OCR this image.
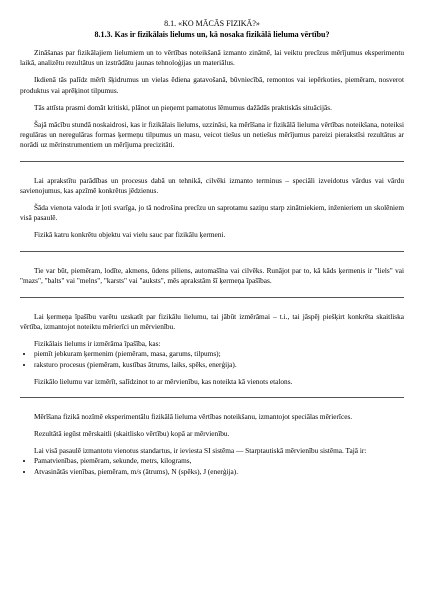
8.1. «KO MĀCĀS FIZIKĀ?»
8.1.3. Kas ir fizikālais lielums un, kā nosaka fizikālā lieluma vērtību?

Zināšanas par fizikālajiem lielumiem un to vērtības noteikšanā izmanto zinātnē, lai veiktu precīzus mērījumus eksperimentu laikā, analizētu rezultātus un izstrādātu jaunas tehnoloģijas un materiālus.

Ikdienā tās palīdz mērīt šķidrumus un vielas ēdiena gatavošanā, būvniecībā, remontos vai iepērkoties, piemēram, nosverot produktus vai aprēķinot tilpumus.

Tās attīsta prasmi domāt kritiski, plānot un pieņemt pamatotus lēmumus dažādās praktiskās situācijās.

Šajā mācību stundā noskaidrosi, kas ir fizikālais lielums, uzzināsi, ka mērīšana ir fizikālā lieluma vērtības noteikšana, noteiksi regulāras un neregulāras formas ķermeņu tilpumus un masu, veicot tiešus un netiešus mērījumus pareizi pierakstīsi rezultātus ar norādi uz mērinstrumentiem un mērījuma precizitāti.

Lai aprakstītu parādības un procesus dabā un tehnikā, cilvēki izmanto terminus – speciāli izveidotus vārdus vai vārdu savienojumus, kas apzīmē konkrētus jēdzienus.

Šāda vienota valoda ir ļoti svarīga, jo tā nodrošina precīzu un saprotamu saziņu starp zinātniekiem, inženieriem un skolēniem visā pasaulē.

Fizikā katru konkrētu objektu vai vielu sauc par fizikālu ķermeni.

Tie var būt, piemēram, lodīte, akmens, ūdens piliens, automašīna vai cilvēks. Runājot par to, kā kāds ķermenis ir "liels" vai "mazs", "balts" vai "melns", "karsts" vai "auksts", mēs aprakstām šī ķermeņa īpašības.

Lai ķermeņa īpašību varētu uzskatīt par fizikālu lielumu, tai jābūt izmērāmai – t.i., tai jāspēj piešķirt konkrēta skaitliska vērtība, izmantojot noteiktu mērierīci un mērvienību.

Fizikālais lielums ir izmērāma īpašība, kas:

• piemīt jebkuram ķermenim (piemēram, masa, garums, tilpums);
• raksturo procesus (piemēram, kustības ātrums, laiks, spēks, enerģija).

Fizikālo lielumu var izmērīt, salīdzinot to ar mērvienību, kas noteikta kā vienots etalons.

Mērīšana fizikā nozīmē eksperimentālu fizikālā lieluma vērtības noteikšanu, izmantojot speciālas mērierīces.

Rezultātā iegūst mērskaitli (skaitlisko vērtību) kopā ar mērvienību.

Lai visā pasaulē izmantotu vienotus standartus, ir ieviesta SI sistēma — Starptautiskā mērvienību sistēma. Tajā ir:

• Pamatvienības, piemēram, sekunde, metrs, kilograms,
• Atvasinātās vienības, piemēram, m/s (ātrums), N (spēks), J (enerģija).
